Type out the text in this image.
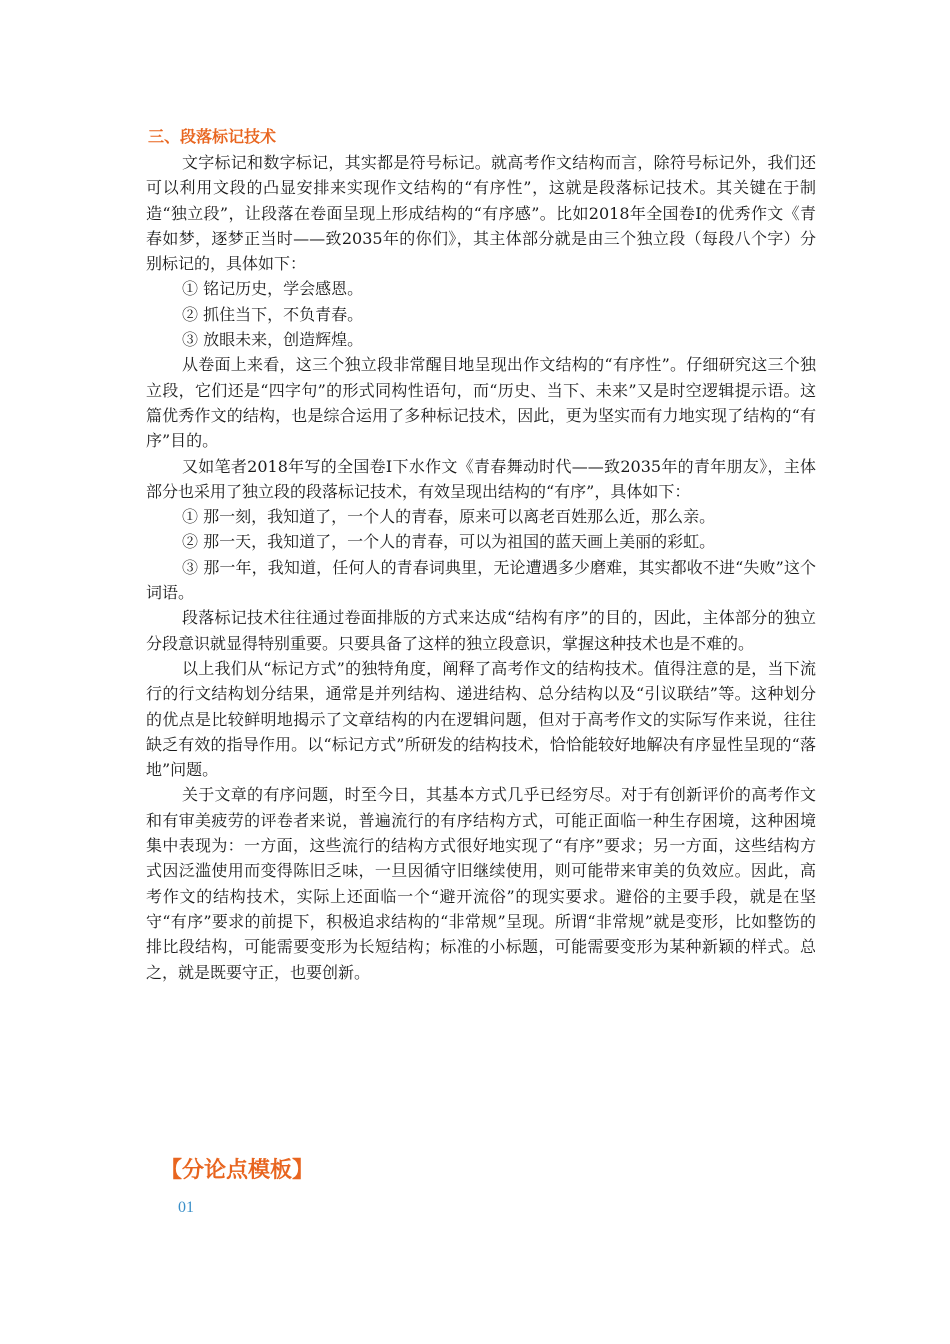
三、段落标记技术

文字标记和数字标记，其实都是符号标记。就高考作文结构而言，除符号标记外，我们还可以利用文段的凸显安排来实现作文结构的“有序性”，这就是段落标记技术。其关键在于制造“独立段”，让段落在卷面呈现上形成结构的“有序感”。比如2018年全国卷Ⅰ的优秀作文《青春如梦，逐梦正当时——致2035年的你们》，其主体部分就是由三个独立段（每段八个字）分别标记的，具体如下：

① 铭记历史，学会感恩。

② 抓住当下，不负青春。

③ 放眼未来，创造辉煌。

从卷面上来看，这三个独立段非常醒目地呈现出作文结构的“有序性”。仔细研究这三个独立段，它们还是“四字句”的形式同构性语句，而“历史、当下、未来”又是时空逻辑提示语。这篇优秀作文的结构，也是综合运用了多种标记技术，因此，更为坚实而有力地实现了结构的“有序”目的。

又如笔者2018年写的全国卷Ⅰ下水作文《青春舞动时代——致2035年的青年朋友》，主体部分也采用了独立段的段落标记技术，有效呈现出结构的“有序”，具体如下：

① 那一刻，我知道了，一个人的青春，原来可以离老百姓那么近，那么亲。

② 那一天，我知道了，一个人的青春，可以为祖国的蓝天画上美丽的彩虹。

③ 那一年，我知道，任何人的青春词典里，无论遭遇多少磨难，其实都收不进“失败”这个词语。

段落标记技术往往通过卷面排版的方式来达成“结构有序”的目的，因此，主体部分的独立分段意识就显得特别重要。只要具备了这样的独立段意识，掌握这种技术也是不难的。

以上我们从“标记方式”的独特角度，阐释了高考作文的结构技术。值得注意的是，当下流行的行文结构划分结果，通常是并列结构、递进结构、总分结构以及“引议联结”等。这种划分的优点是比较鲜明地揭示了文章结构的内在逻辑问题，但对于高考作文的实际写作来说，往往缺乏有效的指导作用。以“标记方式”所研发的结构技术，恰恰能较好地解决有序显性呈现的“落地”问题。

关于文章的有序问题，时至今日，其基本方式几乎已经穷尽。对于有创新评价的高考作文和有审美疲劳的评卷者来说，普遍流行的有序结构方式，可能正面临一种生存困境，这种困境集中表现为：一方面，这些流行的结构方式很好地实现了“有序”要求；另一方面，这些结构方式因泛滥使用而变得陈旧乏味，一旦因循守旧继续使用，则可能带来审美的负效应。因此，高考作文的结构技术，实际上还面临一个“避开流俗”的现实要求。避俗的主要手段，就是在坚守“有序”要求的前提下，积极追求结构的“非常规”呈现。所谓“非常规”就是变形，比如整饬的排比段结构，可能需要变形为长短结构；标准的小标题，可能需要变形为某种新颖的样式。总之，就是既要守正，也要创新。

【分论点模板】

01
